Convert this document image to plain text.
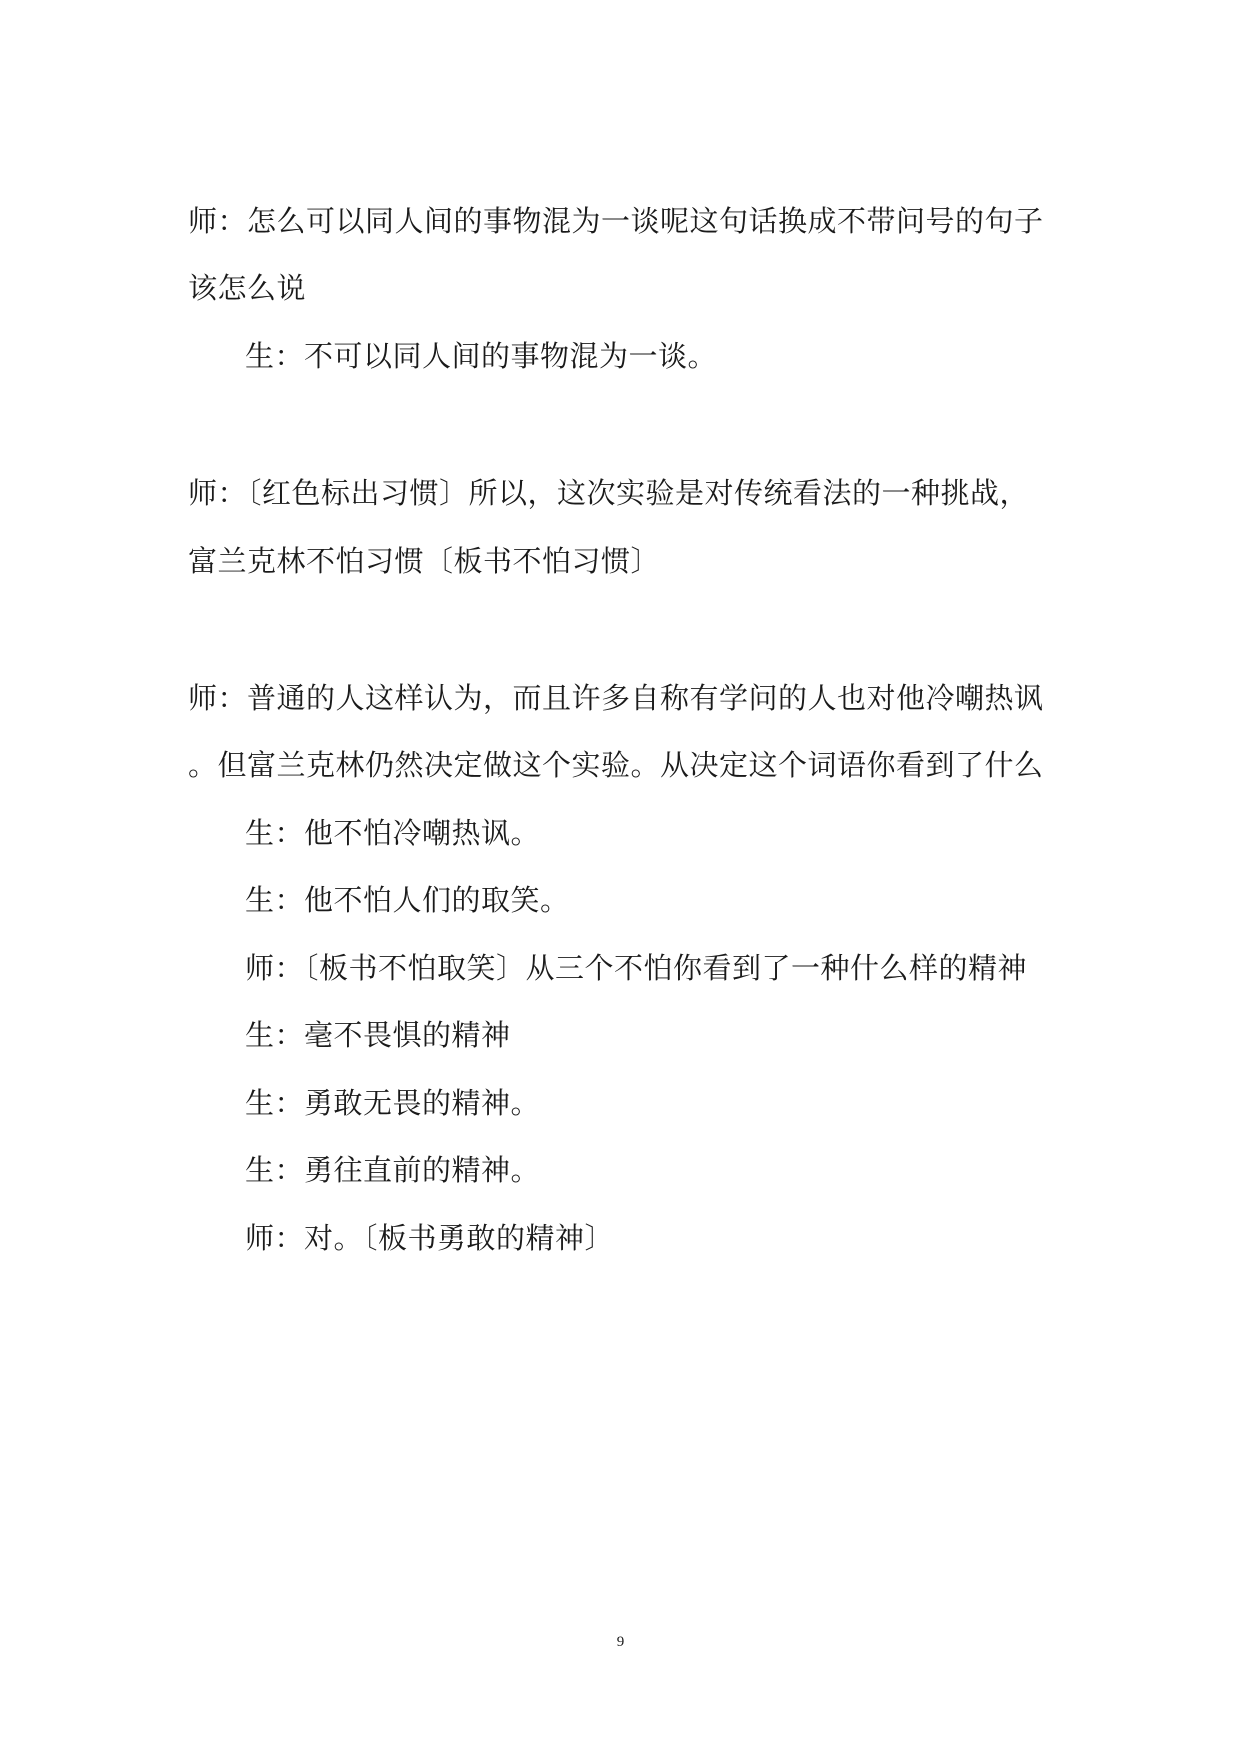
师：怎么可以同人间的事物混为一谈呢这句话换成不带问号的句子
该怎么说
生：不可以同人间的事物混为一谈。
师：〔红色标出习惯〕所以，这次实验是对传统看法的一种挑战，
富兰克林不怕习惯〔板书不怕习惯〕
师：普通的人这样认为，而且许多自称有学问的人也对他冷嘲热讽
。但富兰克林仍然决定做这个实验。从决定这个词语你看到了什么
生：他不怕冷嘲热讽。
生：他不怕人们的取笑。
师：〔板书不怕取笑〕从三个不怕你看到了一种什么样的精神
生：毫不畏惧的精神
生：勇敢无畏的精神。
生：勇往直前的精神。
师：对。〔板书勇敢的精神〕
9
